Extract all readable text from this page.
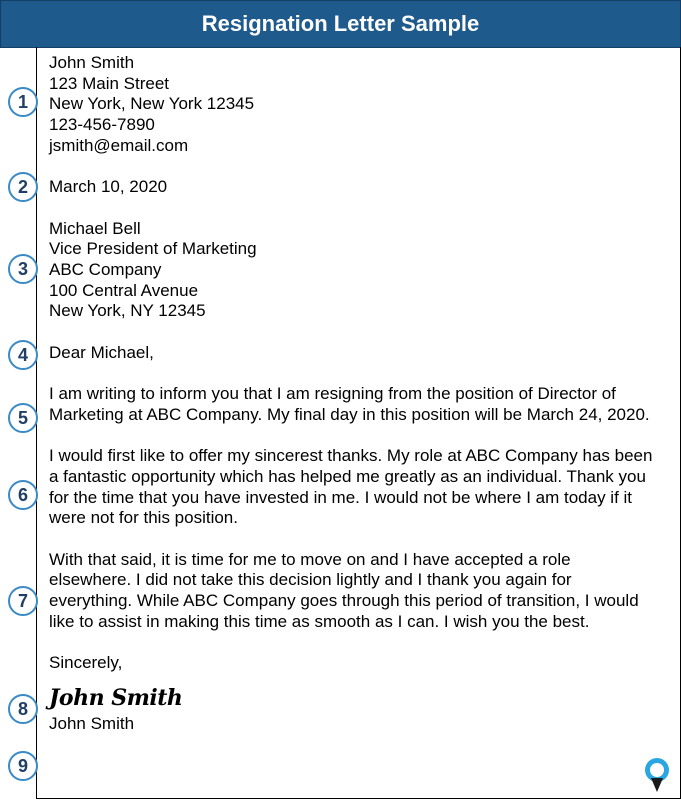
Resignation Letter Sample

John Smith

123 Main Street

New York, New York 12345

123-456-7890

jsmith@email.com

March 10, 2020

Michael Bell

Vice President of Marketing

ABC Company

100 Central Avenue

New York, NY 12345

Dear Michael,

I am writing to inform you that I am resigning from the position of Director of Marketing at ABC Company. My final day in this position will be March 24, 2020.

I would first like to offer my sincerest thanks. My role at ABC Company has been a fantastic opportunity which has helped me greatly as an individual. Thank you for the time that you have invested in me. I would not be where I am today if it were not for this position.

With that said, it is time for me to move on and I have accepted a role elsewhere. I did not take this decision lightly and I thank you again for everything. While ABC Company goes through this period of transition, I would like to assist in making this time as smooth as I can. I wish you the best.

Sincerely,

John Smith

John Smith

1
2
3
4
5
6
7
8
9
